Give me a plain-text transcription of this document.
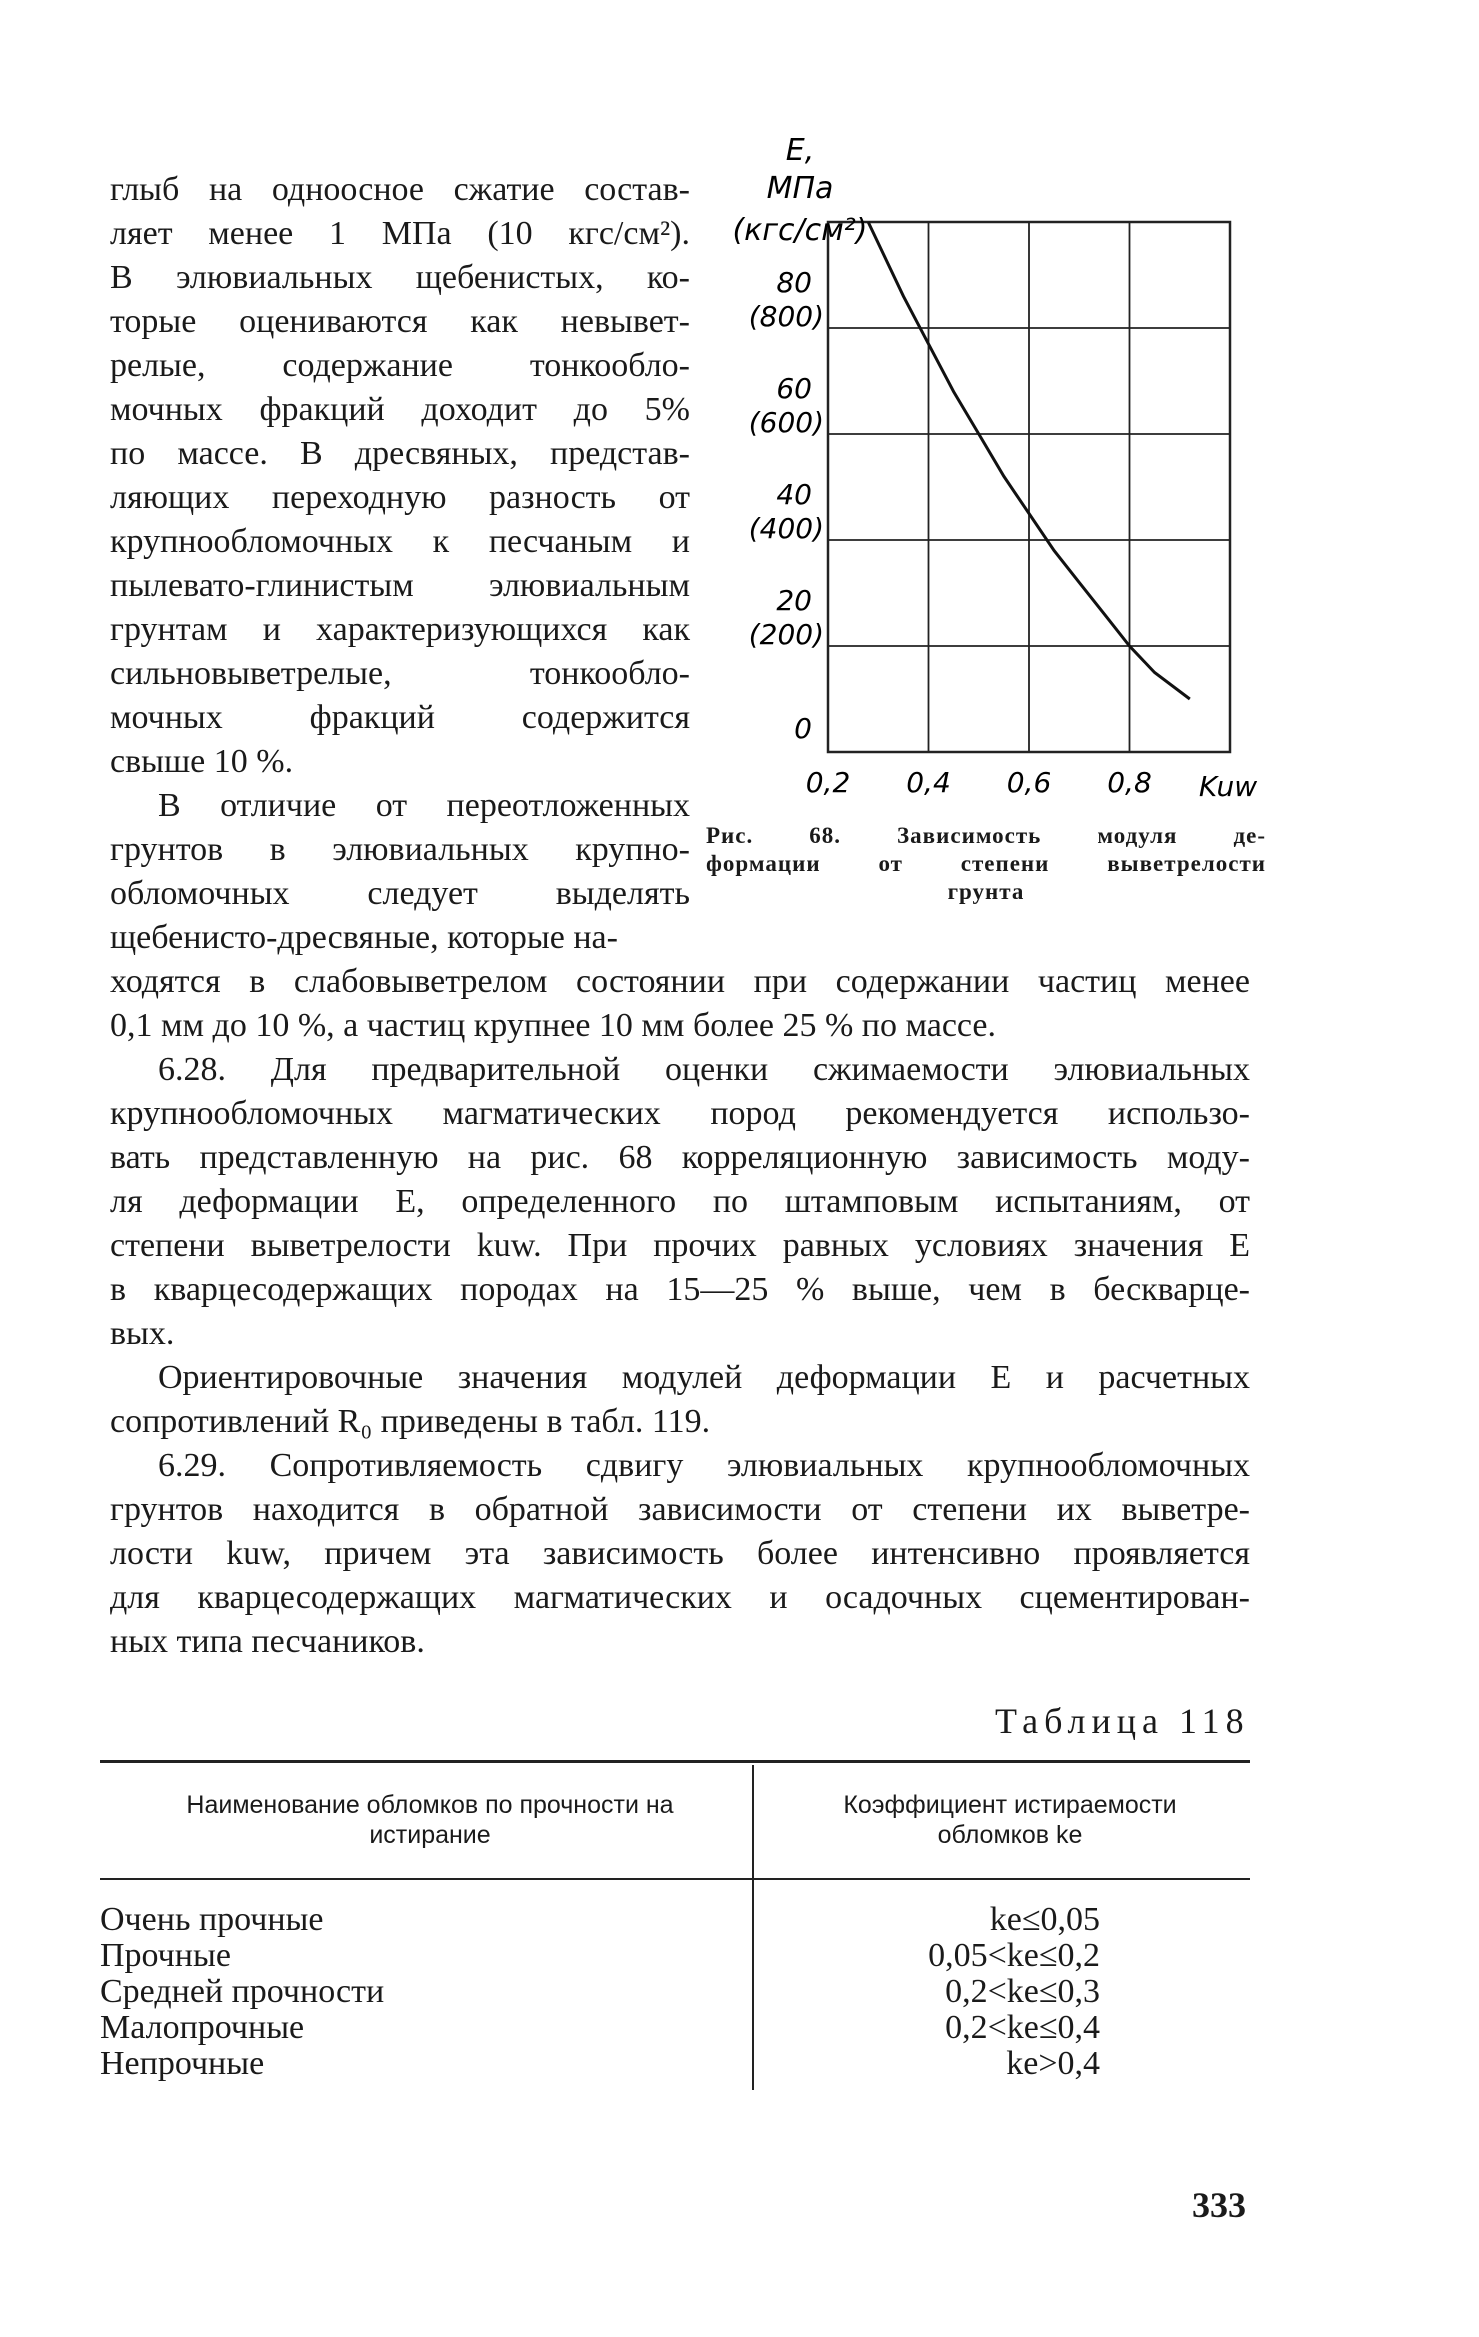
глыб на одноосное сжатие состав-
ляет менее 1 МПа (10 кгс/см²).
В элювиальных щебенистых, ко-
торые оцениваются как невывет-
релые, содержание тонкообло-
мочных фракций доходит до 5%
по массе. В дресвяных, представ-
ляющих переходную разность от
крупнообломочных к песчаным и
пылевато-глинистым элювиальным
грунтам и характеризующихся как
сильновыветрелые, тонкообло-
мочных фракций содержится
свыше 10 %.
В отличие от переотложенных
грунтов в элювиальных крупно-
обломочных следует выделять
щебенисто-дресвяные, которые на-
ходятся в слабовыветрелом состоянии при содержании частиц менее
0,1 мм до 10 %, а частиц крупнее 10 мм более 25 % по массе.
6.28. Для предварительной оценки сжимаемости элювиальных
крупнообломочных магматических пород рекомендуется использо-
вать представленную на рис. 68 корреляционную зависимость моду-
ля деформации E, определенного по штамповым испытаниям, от
степени выветрелости kuw. При прочих равных условиях значения E
в кварцесодержащих породах на 15—25 % выше, чем в бескварце-
вых.
Ориентировочные значения модулей деформации E и расчетных
сопротивлений R₀ приведены в табл. 119.
6.29. Сопротивляемость сдвигу элювиальных крупнообломочных
грунтов находится в обратной зависимости от степени их выветре-
лости kuw, причем эта зависимость более интенсивно проявляется
для кварцесодержащих магматических и осадочных сцементирован-
ных типа песчаников.
E,
МПа
(кгс/см²)
80
(800)
60
(600)
40
(400)
20
(200)
0
0,2 0,4 0,6 0,8 Kuw
Рис. 68. Зависимость модуля де-
формации от степени выветрелости
грунта
Таблица 118
Наименование обломков по прочности на истирание
Коэффициент истираемости обломков ke
Очень прочные
Прочные
Средней прочности
Малопрочные
Непрочные
ke≤0,05
0,05<ke≤0,2
0,2<ke≤0,3
0,2<ke≤0,4
ke>0,4
333
